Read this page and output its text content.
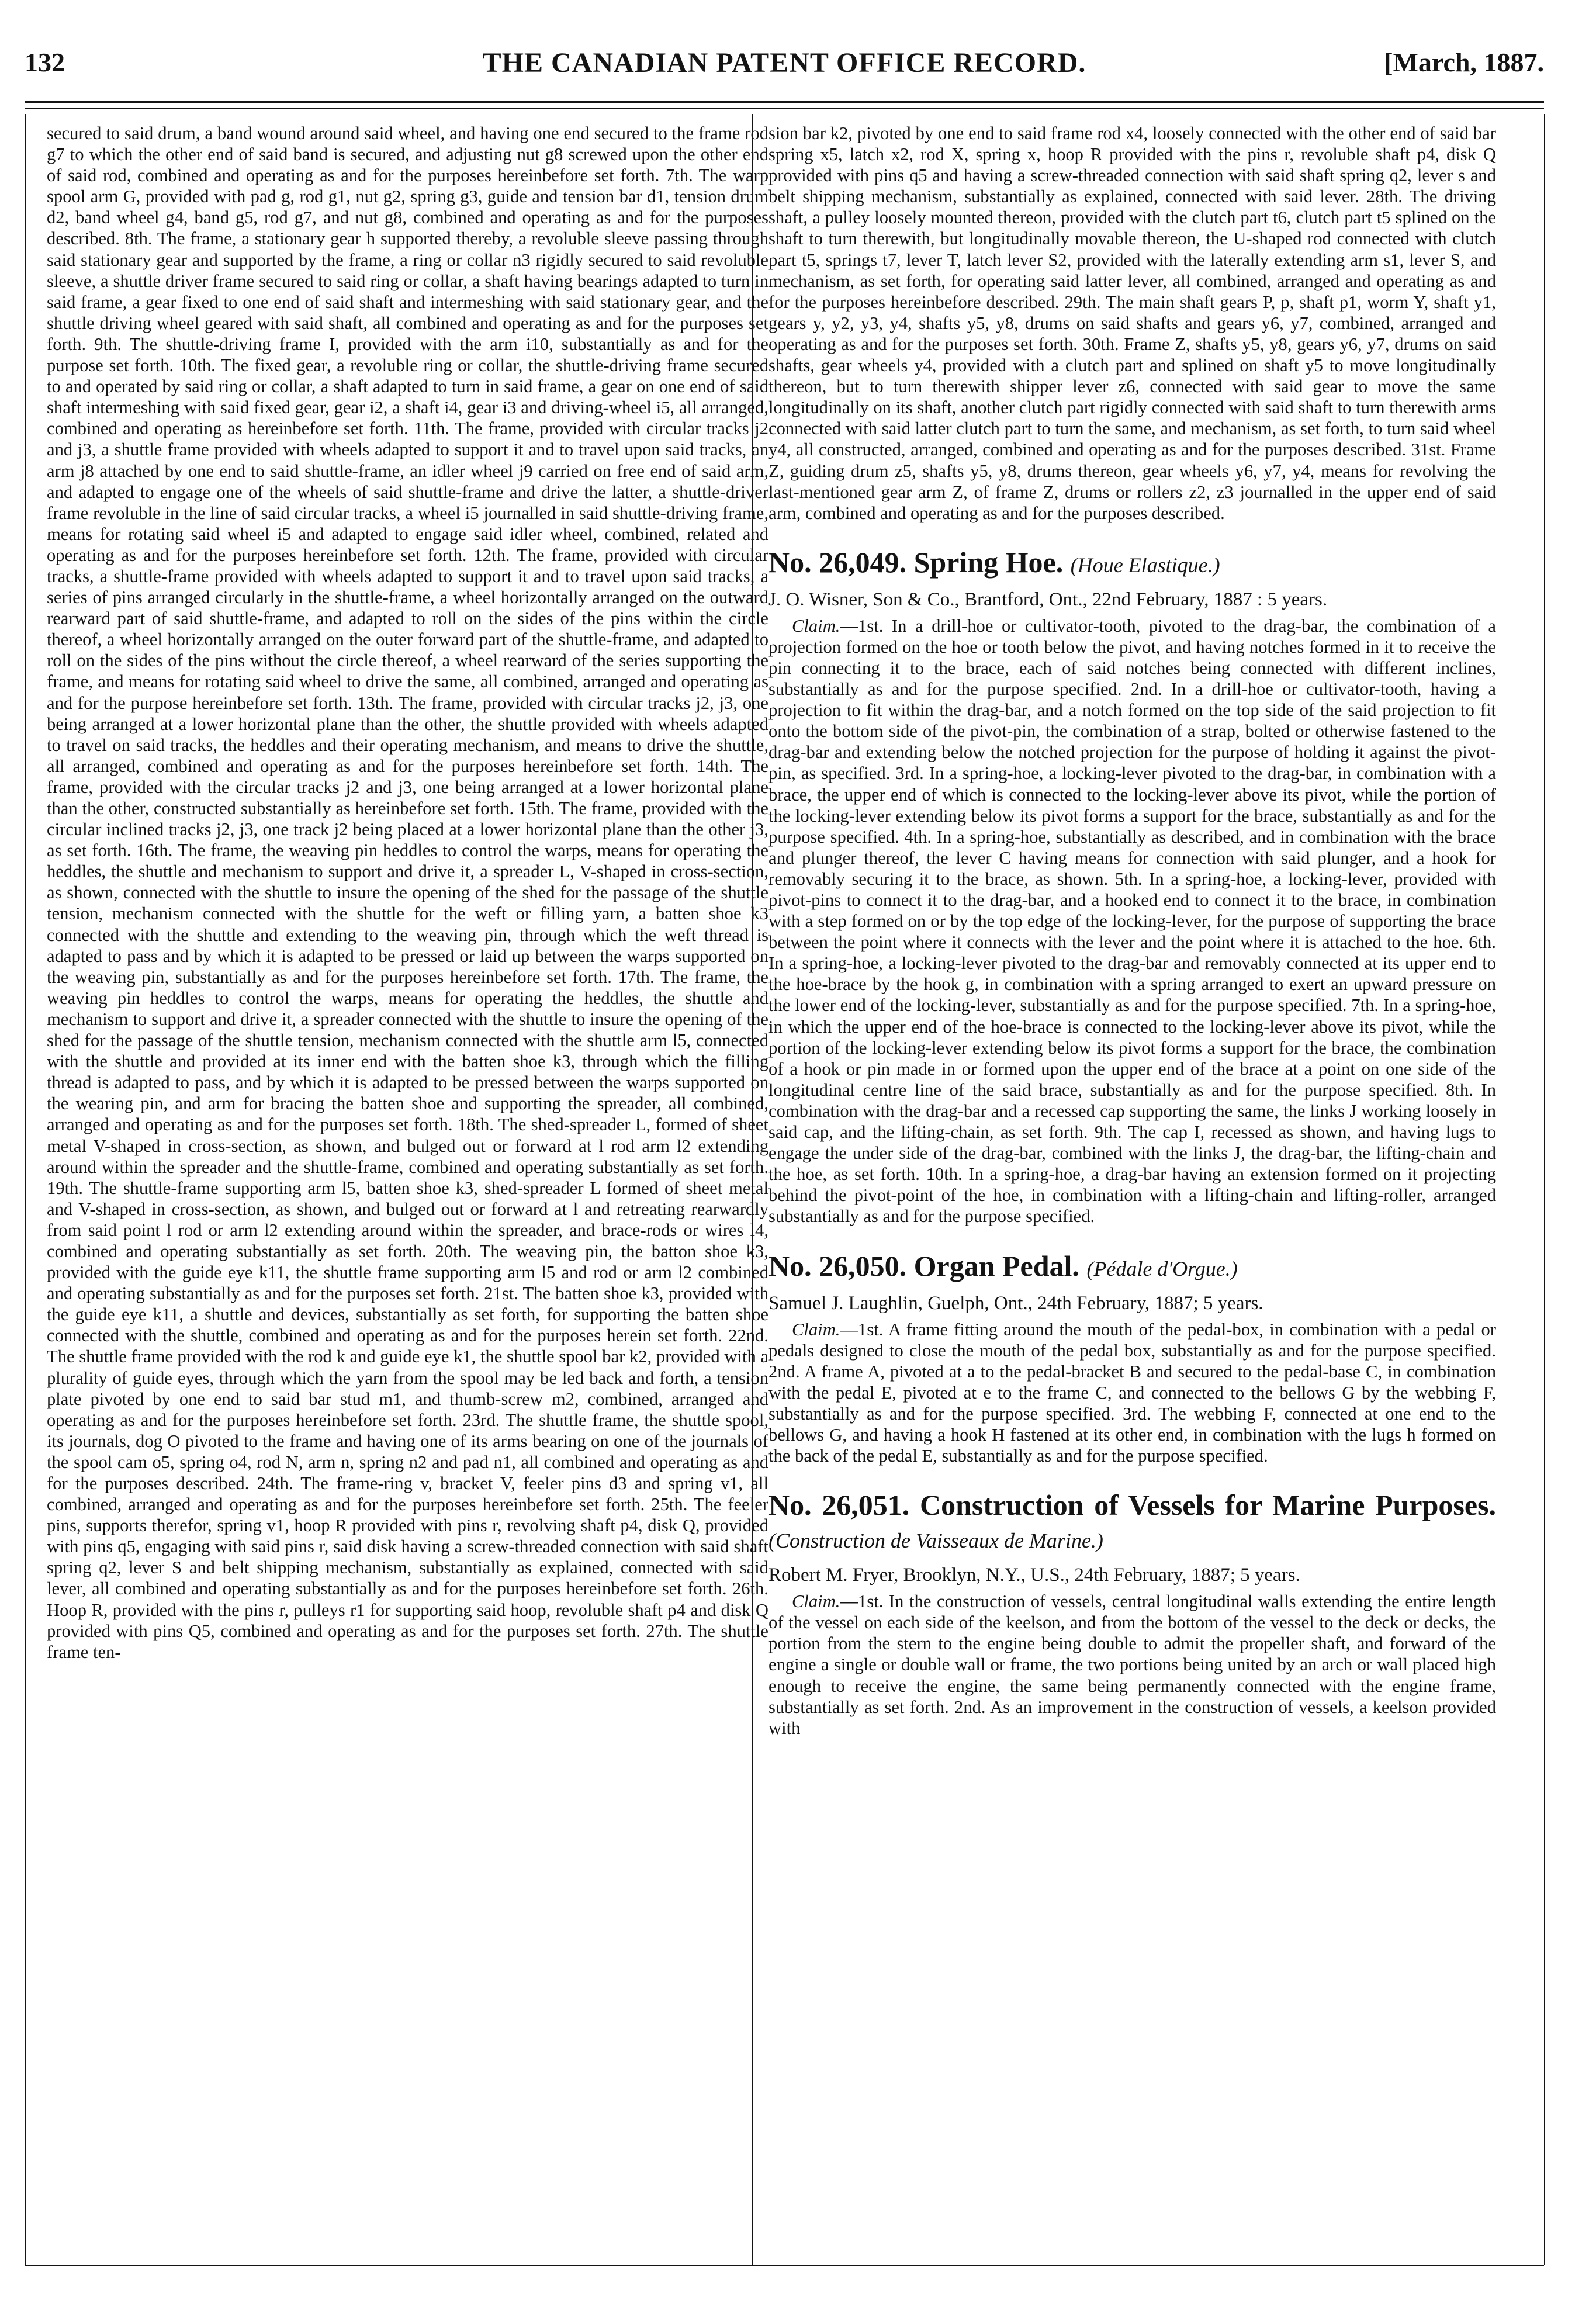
132	THE CANADIAN PATENT OFFICE RECORD.	[March, 1887.

secured to said drum, a band wound around said wheel, and having one end secured to the frame rod g7 to which the other end of said band is secured, and adjusting nut g8 screwed upon the other end of said rod, combined and operating as and for the purposes hereinbefore set forth. 7th. The warp spool arm G, provided with pad g, rod g1, nut g2, spring g3, guide and tension bar d1, tension drum d2, band wheel g4, band g5, rod g7, and nut g8, combined and operating as and for the purposes described. 8th. The frame, a stationary gear h supported thereby, a revoluble sleeve passing through said stationary gear and supported by the frame, a ring or collar n3 rigidly secured to said revoluble sleeve, a shuttle driver frame secured to said ring or collar, a shaft having bearings adapted to turn in said frame, a gear fixed to one end of said shaft and intermeshing with said stationary gear, and the shuttle driving wheel geared with said shaft, all combined and operating as and for the purposes set forth. 9th. The shuttle-driving frame I, provided with the arm i10, substantially as and for the purpose set forth. 10th. The fixed gear, a revoluble ring or collar, the shuttle-driving frame secured to and operated by said ring or collar, a shaft adapted to turn in said frame, a gear on one end of said shaft intermeshing with said fixed gear, gear i2, a shaft i4, gear i3 and driving-wheel i5, all arranged, combined and operating as hereinbefore set forth. 11th. The frame, provided with circular tracks j2 and j3, a shuttle frame provided with wheels adapted to support it and to travel upon said tracks, an arm j8 attached by one end to said shuttle-frame, an idler wheel j9 carried on free end of said arm, and adapted to engage one of the wheels of said shuttle-frame and drive the latter, a shuttle-driver frame revoluble in the line of said circular tracks, a wheel i5 journalled in said shuttle-driving frame, means for rotating said wheel i5 and adapted to engage said idler wheel, combined, related and operating as and for the purposes hereinbefore set forth. 12th. The frame, provided with circular tracks, a shuttle-frame provided with wheels adapted to support it and to travel upon said tracks, a series of pins arranged circularly in the shuttle-frame, a wheel horizontally arranged on the outward rearward part of said shuttle-frame, and adapted to roll on the sides of the pins within the circle thereof, a wheel horizontally arranged on the outer forward part of the shuttle-frame, and adapted to roll on the sides of the pins without the circle thereof, a wheel rearward of the series supporting the frame, and means for rotating said wheel to drive the same, all combined, arranged and operating as and for the purpose hereinbefore set forth. 13th. The frame, provided with circular tracks j2, j3, one being arranged at a lower horizontal plane than the other, the shuttle provided with wheels adapted to travel on said tracks, the heddles and their operating mechanism, and means to drive the shuttle, all arranged, combined and operating as and for the purposes hereinbefore set forth. 14th. The frame, provided with the circular tracks j2 and j3, one being arranged at a lower horizontal plane than the other, constructed substantially as hereinbefore set forth. 15th. The frame, provided with the circular inclined tracks j2, j3, one track j2 being placed at a lower horizontal plane than the other j3, as set forth. 16th. The frame, the weaving pin heddles to control the warps, means for operating the heddles, the shuttle and mechanism to support and drive it, a spreader L, V-shaped in cross-section, as shown, connected with the shuttle to insure the opening of the shed for the passage of the shuttle tension, mechanism connected with the shuttle for the weft or filling yarn, a batten shoe k3 connected with the shuttle and extending to the weaving pin, through which the weft thread is adapted to pass and by which it is adapted to be pressed or laid up between the warps supported on the weaving pin, substantially as and for the purposes hereinbefore set forth. 17th. The frame, the weaving pin heddles to control the warps, means for operating the heddles, the shuttle and mechanism to support and drive it, a spreader connected with the shuttle to insure the opening of the shed for the passage of the shuttle tension, mechanism connected with the shuttle arm l5, connected with the shuttle and provided at its inner end with the batten shoe k3, through which the filling thread is adapted to pass, and by which it is adapted to be pressed between the warps supported on the wearing pin, and arm for bracing the batten shoe and supporting the spreader, all combined, arranged and operating as and for the purposes set forth. 18th. The shed-spreader L, formed of sheet metal V-shaped in cross-section, as shown, and bulged out or forward at l rod arm l2 extending around within the spreader and the shuttle-frame, combined and operating substantially as set forth. 19th. The shuttle-frame supporting arm l5, batten shoe k3, shed-spreader L formed of sheet metal and V-shaped in cross-section, as shown, and bulged out or forward at l and retreating rearwardly from said point l rod or arm l2 extending around within the spreader, and brace-rods or wires l4, combined and operating substantially as set forth. 20th. The weaving pin, the batton shoe k3, provided with the guide eye k11, the shuttle frame supporting arm l5 and rod or arm l2 combined and operating substantially as and for the purposes set forth. 21st. The batten shoe k3, provided with the guide eye k11, a shuttle and devices, substantially as set forth, for supporting the batten shoe connected with the shuttle, combined and operating as and for the purposes herein set forth. 22nd. The shuttle frame provided with the rod k and guide eye k1, the shuttle spool bar k2, provided with a plurality of guide eyes, through which the yarn from the spool may be led back and forth, a tension plate pivoted by one end to said bar stud m1, and thumb-screw m2, combined, arranged and operating as and for the purposes hereinbefore set forth. 23rd. The shuttle frame, the shuttle spool, its journals, dog O pivoted to the frame and having one of its arms bearing on one of the journals of the spool cam o5, spring o4, rod N, arm n, spring n2 and pad n1, all combined and operating as and for the purposes described. 24th. The frame-ring v, bracket V, feeler pins d3 and spring v1, all combined, arranged and operating as and for the purposes hereinbefore set forth. 25th. The feeler pins, supports therefor, spring v1, hoop R provided with pins r, revolving shaft p4, disk Q, provided with pins q5, engaging with said pins r, said disk having a screw-threaded connection with said shaft spring q2, lever S and belt shipping mechanism, substantially as explained, connected with said lever, all combined and operating substantially as and for the purposes hereinbefore set forth. 26th. Hoop R, provided with the pins r, pulleys r1 for supporting said hoop, revoluble shaft p4 and disk Q provided with pins Q5, combined and operating as and for the purposes set forth. 27th. The shuttle frame ten-

sion bar k2, pivoted by one end to said frame rod x4, loosely connected with the other end of said bar spring x5, latch x2, rod X, spring x, hoop R provided with the pins r, revoluble shaft p4, disk Q provided with pins q5 and having a screw-threaded connection with said shaft spring q2, lever s and belt shipping mechanism, substantially as explained, connected with said lever. 28th. The driving shaft, a pulley loosely mounted thereon, provided with the clutch part t6, clutch part t5 splined on the shaft to turn therewith, but longitudinally movable thereon, the U-shaped rod connected with clutch part t5, springs t7, lever T, latch lever S2, provided with the laterally extending arm s1, lever S, and mechanism, as set forth, for operating said latter lever, all combined, arranged and operating as and for the purposes hereinbefore described. 29th. The main shaft gears P, p, shaft p1, worm Y, shaft y1, gears y, y2, y3, y4, shafts y5, y8, drums on said shafts and gears y6, y7, combined, arranged and operating as and for the purposes set forth. 30th. Frame Z, shafts y5, y8, gears y6, y7, drums on said shafts, gear wheels y4, provided with a clutch part and splined on shaft y5 to move longitudinally thereon, but to turn therewith shipper lever z6, connected with said gear to move the same longitudinally on its shaft, another clutch part rigidly connected with said shaft to turn therewith arms connected with said latter clutch part to turn the same, and mechanism, as set forth, to turn said wheel y4, all constructed, arranged, combined and operating as and for the purposes described. 31st. Frame Z, guiding drum z5, shafts y5, y8, drums thereon, gear wheels y6, y7, y4, means for revolving the last-mentioned gear arm Z, of frame Z, drums or rollers z2, z3 journalled in the upper end of said arm, combined and operating as and for the purposes described.

No. 26,049. Spring Hoe. (Houe Elastique.)

J. O. Wisner, Son & Co., Brantford, Ont., 22nd February, 1887 : 5 years.

Claim.—1st. In a drill-hoe or cultivator-tooth, pivoted to the drag-bar, the combination of a projection formed on the hoe or tooth below the pivot, and having notches formed in it to receive the pin connecting it to the brace, each of said notches being connected with different inclines, substantially as and for the purpose specified. 2nd. In a drill-hoe or cultivator-tooth, having a projection to fit within the drag-bar, and a notch formed on the top side of the said projection to fit onto the bottom side of the pivot-pin, the combination of a strap, bolted or otherwise fastened to the drag-bar and extending below the notched projection for the purpose of holding it against the pivot-pin, as specified. 3rd. In a spring-hoe, a locking-lever pivoted to the drag-bar, in combination with a brace, the upper end of which is connected to the locking-lever above its pivot, while the portion of the locking-lever extending below its pivot forms a support for the brace, substantially as and for the purpose specified. 4th. In a spring-hoe, substantially as described, and in combination with the brace and plunger thereof, the lever C having means for connection with said plunger, and a hook for removably securing it to the brace, as shown. 5th. In a spring-hoe, a locking-lever, provided with pivot-pins to connect it to the drag-bar, and a hooked end to connect it to the brace, in combination with a step formed on or by the top edge of the locking-lever, for the purpose of supporting the brace between the point where it connects with the lever and the point where it is attached to the hoe. 6th. In a spring-hoe, a locking-lever pivoted to the drag-bar and removably connected at its upper end to the hoe-brace by the hook g, in combination with a spring arranged to exert an upward pressure on the lower end of the locking-lever, substantially as and for the purpose specified. 7th. In a spring-hoe, in which the upper end of the hoe-brace is connected to the locking-lever above its pivot, while the portion of the locking-lever extending below its pivot forms a support for the brace, the combination of a hook or pin made in or formed upon the upper end of the brace at a point on one side of the longitudinal centre line of the said brace, substantially as and for the purpose specified. 8th. In combination with the drag-bar and a recessed cap supporting the same, the links J working loosely in said cap, and the lifting-chain, as set forth. 9th. The cap I, recessed as shown, and having lugs to engage the under side of the drag-bar, combined with the links J, the drag-bar, the lifting-chain and the hoe, as set forth. 10th. In a spring-hoe, a drag-bar having an extension formed on it projecting behind the pivot-point of the hoe, in combination with a lifting-chain and lifting-roller, arranged substantially as and for the purpose specified.

No. 26,050. Organ Pedal. (Pédale d'Orgue.)

Samuel J. Laughlin, Guelph, Ont., 24th February, 1887; 5 years.

Claim.—1st. A frame fitting around the mouth of the pedal-box, in combination with a pedal or pedals designed to close the mouth of the pedal box, substantially as and for the purpose specified. 2nd. A frame A, pivoted at a to the pedal-bracket B and secured to the pedal-base C, in combination with the pedal E, pivoted at e to the frame C, and connected to the bellows G by the webbing F, substantially as and for the purpose specified. 3rd. The webbing F, connected at one end to the bellows G, and having a hook H fastened at its other end, in combination with the lugs h formed on the back of the pedal E, substantially as and for the purpose specified.

No. 26,051. Construction of Vessels for Marine Purposes. (Construction de Vaisseaux de Marine.)

Robert M. Fryer, Brooklyn, N.Y., U.S., 24th February, 1887; 5 years.

Claim.—1st. In the construction of vessels, central longitudinal walls extending the entire length of the vessel on each side of the keelson, and from the bottom of the vessel to the deck or decks, the portion from the stern to the engine being double to admit the propeller shaft, and forward of the engine a single or double wall or frame, the two portions being united by an arch or wall placed high enough to receive the engine, the same being permanently connected with the engine frame, substantially as set forth. 2nd. As an improvement in the construction of vessels, a keelson provided with
